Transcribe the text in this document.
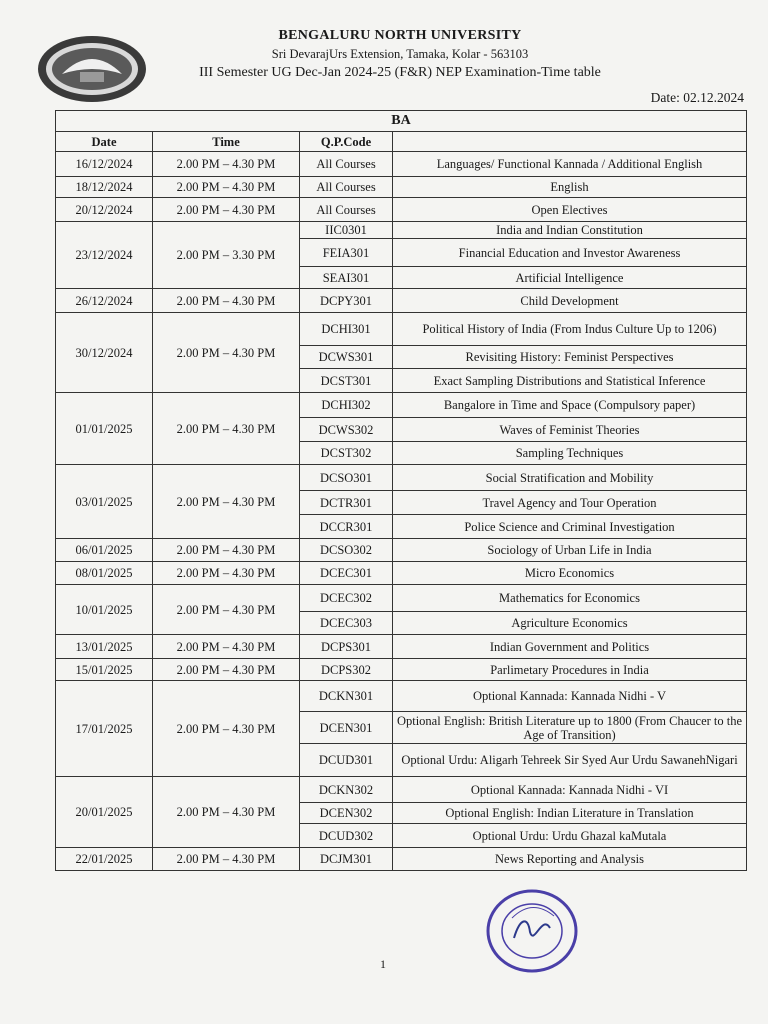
BENGALURU NORTH UNIVERSITY
Sri DevarajUrs Extension, Tamaka, Kolar - 563103
III Semester UG Dec-Jan 2024-25 (F&R) NEP Examination-Time table
Date: 02.12.2024
BA			
Date	Time	Q.P.Code	
16/12/2024	2.00 PM – 4.30 PM	All Courses	Languages/ Functional Kannada / Additional English
18/12/2024	2.00 PM – 4.30 PM	All Courses	English
20/12/2024	2.00 PM – 4.30 PM	All Courses	Open Electives
23/12/2024	2.00 PM – 3.30 PM	IIC0301	India and Indian Constitution
		FEIA301	Financial Education and Investor Awareness
		SEAI301	Artificial Intelligence
26/12/2024	2.00 PM – 4.30 PM	DCPY301	Child Development
30/12/2024	2.00 PM – 4.30 PM	DCHI301	Political History of India (From Indus Culture Up to 1206)
		DCWS301	Revisiting History: Feminist Perspectives
		DCST301	Exact Sampling Distributions and Statistical Inference
01/01/2025	2.00 PM – 4.30 PM	DCHI302	Bangalore in Time and Space (Compulsory paper)
		DCWS302	Waves of Feminist Theories
		DCST302	Sampling Techniques
03/01/2025	2.00 PM – 4.30 PM	DCSO301	Social Stratification and Mobility
		DCTR301	Travel Agency and Tour Operation
		DCCR301	Police Science and Criminal Investigation
06/01/2025	2.00 PM – 4.30 PM	DCSO302	Sociology of Urban Life in India
08/01/2025	2.00 PM – 4.30 PM	DCEC301	Micro Economics
10/01/2025	2.00 PM – 4.30 PM	DCEC302	Mathematics for Economics
		DCEC303	Agriculture Economics
13/01/2025	2.00 PM – 4.30 PM	DCPS301	Indian Government and Politics
15/01/2025	2.00 PM – 4.30 PM	DCPS302	Parlimetary Procedures in India
17/01/2025	2.00 PM – 4.30 PM	DCKN301	Optional Kannada: Kannada Nidhi - V
		DCEN301	Optional English: British Literature up to 1800 (From Chaucer to the Age of Transition)
		DCUD301	Optional Urdu: Aligarh Tehreek Sir Syed Aur Urdu SawanehNigari
20/01/2025	2.00 PM – 4.30 PM	DCKN302	Optional Kannada: Kannada Nidhi - VI
		DCEN302	Optional English: Indian Literature in Translation
		DCUD302	Optional Urdu: Urdu Ghazal kaMutala
22/01/2025	2.00 PM – 4.30 PM	DCJM301	News Reporting and Analysis
1
